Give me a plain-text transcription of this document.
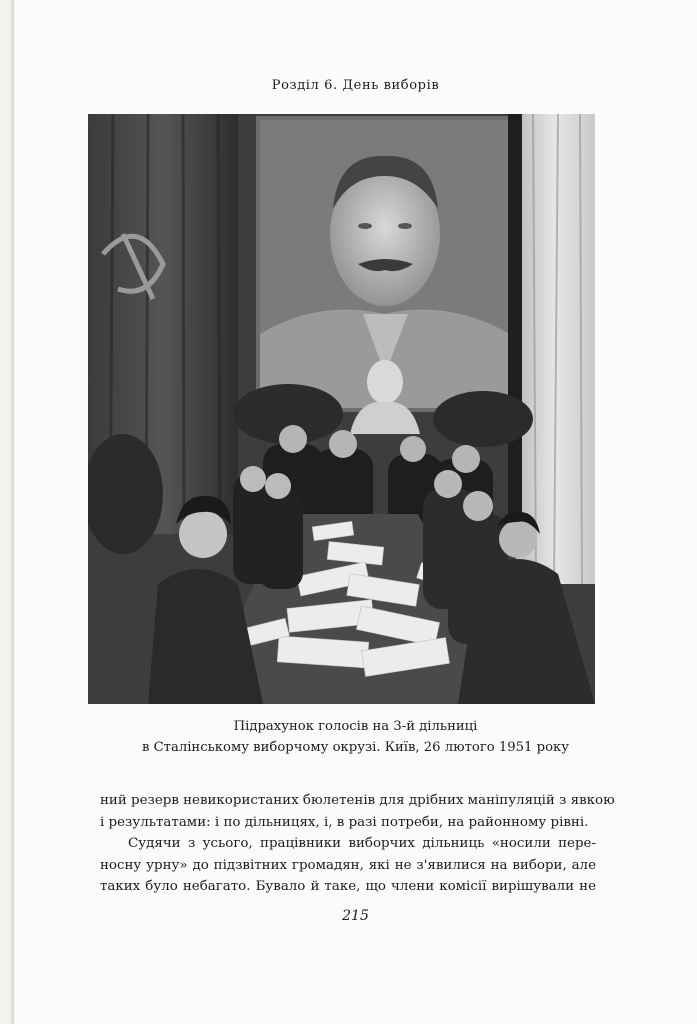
Розділ 6. День виборів
Підрахунок голосів на 3-й дільниці
в Сталінському виборчому окрузі. Київ, 26 лютого 1951 року
ний резерв невикористаних бюлетенів для дрібних маніпуляцій з явкою
і результатами: і по дільницях, і, в разі потреби, на районному рівні.
Судячи з усього, працівники виборчих дільниць «носили пере-
носну урну» до підзвітних громадян, які не з'явилися на вибори, але
таких було небагато. Бувало й таке, що члени комісії вирішували не
215
